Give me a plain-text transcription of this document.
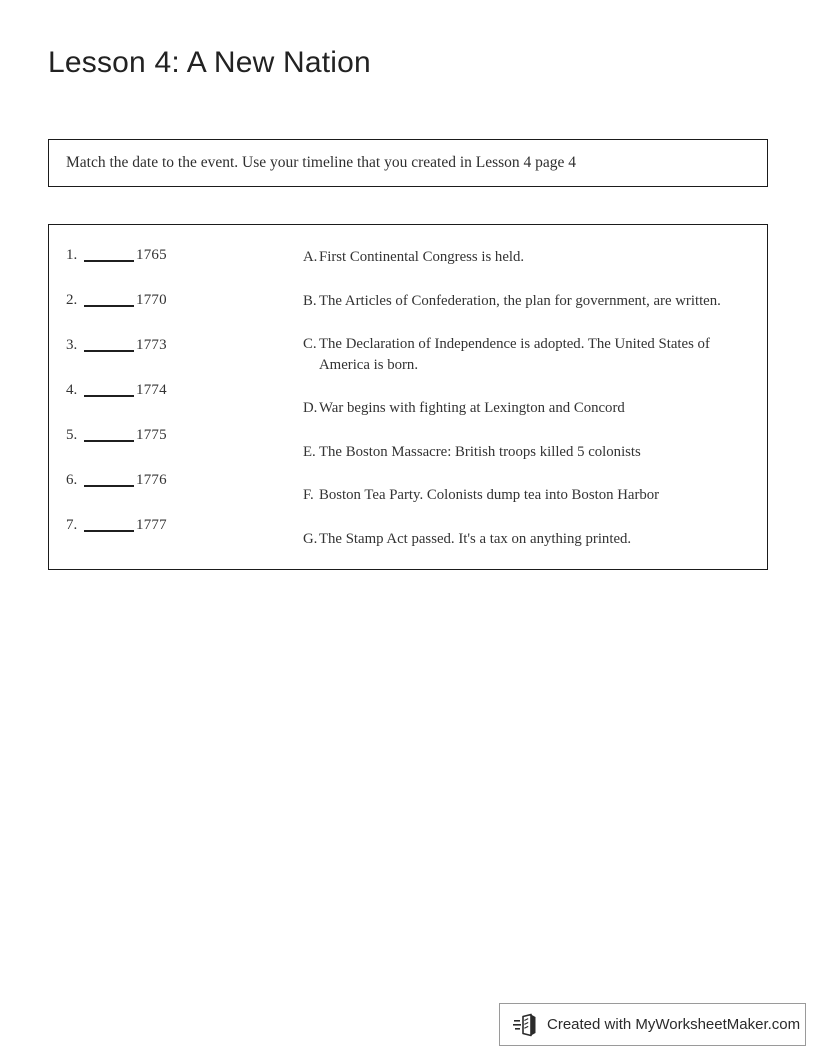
Lesson 4: A New Nation
Match the date to the event. Use your timeline that you created in Lesson 4 page 4
1.	1765
2.	1770
3.	1773
4.	1774
5.	1775
6.	1776
7.	1777
A. First Continental Congress is held.
B. The Articles of Confederation, the plan for government, are written.
C. The Declaration of Independence is adopted. The United States of America is born.
D. War begins with fighting at Lexington and Concord
E. The Boston Massacre: British troops killed 5 colonists
F. Boston Tea Party. Colonists dump tea into Boston Harbor
G. The Stamp Act passed. It's a tax on anything printed.
Created with MyWorksheetMaker.com
